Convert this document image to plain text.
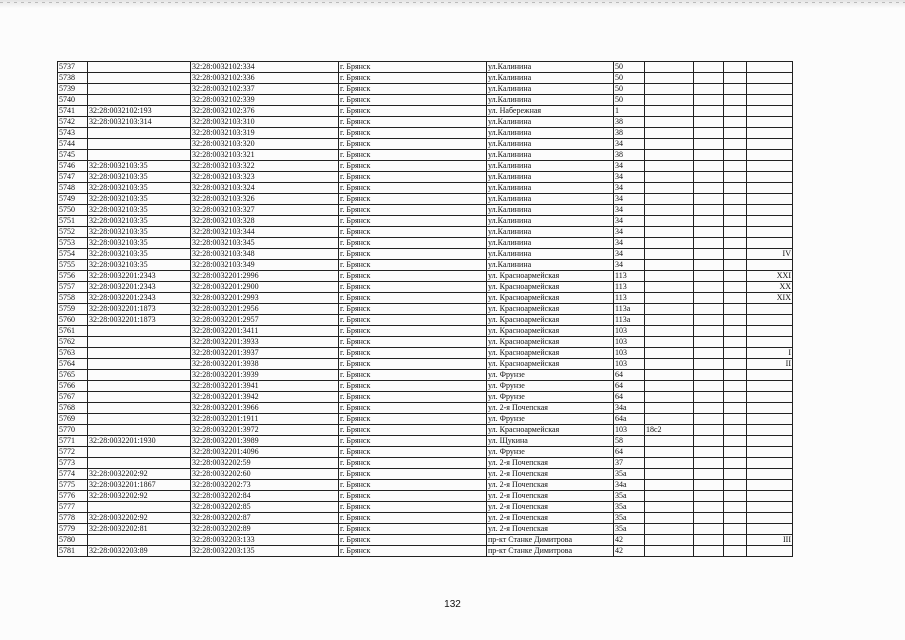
5737		32:28:0032102:334	г. Брянск	ул.Калинина	50				
5738		32:28:0032102:336	г. Брянск	ул.Калинина	50				
5739		32:28:0032102:337	г. Брянск	ул.Калинина	50				
5740		32:28:0032102:339	г. Брянск	ул.Калинина	50				
5741	32:28:0032102:193	32:28:0032102:376	г. Брянск	ул. Набережная	1				
5742	32:28:0032103:314	32:28:0032103:310	г. Брянск	ул.Калинина	38				
5743		32:28:0032103:319	г. Брянск	ул.Калинина	38				
5744		32:28:0032103:320	г. Брянск	ул.Калинина	34				
5745		32:28:0032103:321	г. Брянск	ул.Калинина	38				
5746	32:28:0032103:35	32:28:0032103:322	г. Брянск	ул.Калинина	34				
5747	32:28:0032103:35	32:28:0032103:323	г. Брянск	ул.Калинина	34				
5748	32:28:0032103:35	32:28:0032103:324	г. Брянск	ул.Калинина	34				
5749	32:28:0032103:35	32:28:0032103:326	г. Брянск	ул.Калинина	34				
5750	32:28:0032103:35	32:28:0032103:327	г. Брянск	ул.Калинина	34				
5751	32:28:0032103:35	32:28:0032103:328	г. Брянск	ул.Калинина	34				
5752	32:28:0032103:35	32:28:0032103:344	г. Брянск	ул.Калинина	34				
5753	32:28:0032103:35	32:28:0032103:345	г. Брянск	ул.Калинина	34				
5754	32:28:0032103:35	32:28:0032103:348	г. Брянск	ул.Калинина	34				IV
5755	32:28:0032103:35	32:28:0032103:349	г. Брянск	ул.Калинина	34				
5756	32:28:0032201:2343	32:28:0032201:2996	г. Брянск	ул. Красноармейская	113				XXI
5757	32:28:0032201:2343	32:28:0032201:2900	г. Брянск	ул. Красноармейская	113				XX
5758	32:28:0032201:2343	32:28:0032201:2993	г. Брянск	ул. Красноармейская	113				XIX
5759	32:28:0032201:1873	32:28:0032201:2956	г. Брянск	ул. Красноармейская	113а				
5760	32:28:0032201:1873	32:28:0032201:2957	г. Брянск	ул. Красноармейская	113а				
5761		32:28:0032201:3411	г. Брянск	ул. Красноармейская	103				
5762		32:28:0032201:3933	г. Брянск	ул. Красноармейская	103				
5763		32:28:0032201:3937	г. Брянск	ул. Красноармейская	103				I
5764		32:28:0032201:3938	г. Брянск	ул. Красноармейская	103				II
5765		32:28:0032201:3939	г. Брянск	ул. Фрунзе	64				
5766		32:28:0032201:3941	г. Брянск	ул. Фрунзе	64				
5767		32:28:0032201:3942	г. Брянск	ул. Фрунзе	64				
5768		32:28:0032201:3966	г. Брянск	ул. 2-я Почепская	34а				
5769		32:28:0032201:1911	г. Брянск	ул. Фрунзе	64а				
5770		32:28:0032201:3972	г. Брянск	ул. Красноармейская	103	18с2			
5771	32:28:0032201:1930	32:28:0032201:3989	г. Брянск	ул. Щукина	58				
5772		32:28:0032201:4096	г. Брянск	ул. Фрунзе	64				
5773		32:28:0032202:59	г. Брянск	ул. 2-я Почепская	37				
5774	32:28:0032202:92	32:28:0032202:60	г. Брянск	ул. 2-я Почепская	35а				
5775	32:28:0032201:1867	32:28:0032202:73	г. Брянск	ул. 2-я Почепская	34а				
5776	32:28:0032202:92	32:28:0032202:84	г. Брянск	ул. 2-я Почепская	35а				
5777		32:28:0032202:85	г. Брянск	ул. 2-я Почепская	35а				
5778	32:28:0032202:92	32:28:0032202:87	г. Брянск	ул. 2-я Почепская	35а				
5779	32:28:0032202:81	32:28:0032202:89	г. Брянск	ул. 2-я Почепская	35а				
5780		32:28:0032203:133	г. Брянск	пр-кт Станке Димитрова	42				III
5781	32:28:0032203:89	32:28:0032203:135	г. Брянск	пр-кт Станке Димитрова	42				
132
